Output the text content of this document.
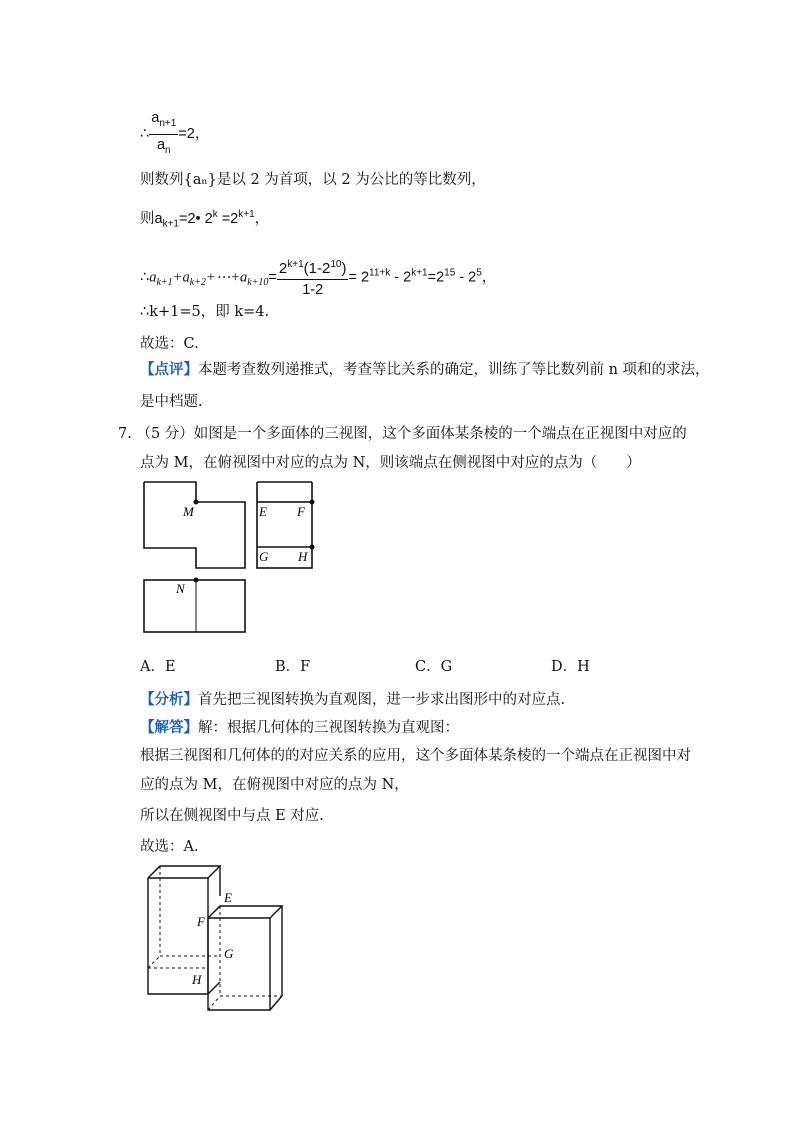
∴ $\frac{a_{n+1}}{a_n} =2$，
则数列{aₙ}是以 2 为首项，以 2 为公比的等比数列，
则$a_{k+1}=2•$ $2^k =2^{k+1}$，
$\therefore a_{k+1}+a_{k+2}+\cdots+a_{k+10}= \frac{2^{k+1}(1-2^{10})}{1-2} = 2^{11+k} - 2^{k+1}=2^{15} - 2^5$，
∴k+1=5，即 k=4.
故选：C.
【点评】本题考查数列递推式，考查等比关系的确定，训练了等比数列前 n 项和的求法，
是中档题.
7. （5 分）如图是一个多面体的三视图，这个多面体某条棱的一个端点在正视图中对应的
点为 M，在俯视图中对应的点为 N，则该端点在侧视图中对应的点为（　　）
M	E F
G H
N
A．E	B．F	C．G	D．H
【分析】首先把三视图转换为直观图，进一步求出图形中的对应点.
【解答】解：根据几何体的三视图转换为直观图：
根据三视图和几何体的的对应关系的应用，这个多面体某条棱的一个端点在正视图中对
应的点为 M，在俯视图中对应的点为 N，
所以在侧视图中与点 E 对应.
故选：A.
E
F
G
H
